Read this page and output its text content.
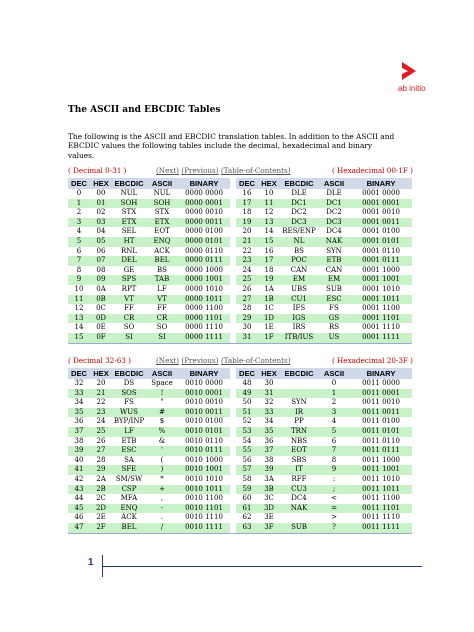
ab initio
The ASCII and EBCDIC Tables
The following is the ASCII and EBCDIC translation tables. In addition to the ASCII and EBCDIC values the following tables include the decimal, hexadecimal and binary values.
( Decimal 0-31 )	(Next) (Previous) (Table-of-Contents)	( Hexadecimal 00-1F )
DEC	HEX	EBCDIC	ASCII	BINARY		DEC	HEX	EBCDIC	ASCII	BINARY
0	00	NUL	NUL	0000 0000		16	10	DLE	DLE	0001 0000
1	01	SOH	SOH	0000 0001		17	11	DC1	DC1	0001 0001
2	02	STX	STX	0000 0010		18	12	DC2	DC2	0001 0010
3	03	ETX	ETX	0000 0011		19	13	DC3	DC3	0001 0011
4	04	SEL	EOT	0000 0100		20	14	RES/ENP	DC4	0001 0100
5	05	HT	ENQ	0000 0101		21	15	NL	NAK	0001 0101
6	06	RNL	ACK	0000 0110		22	16	BS	SYN	0001 0110
7	07	DEL	BEL	0000 0111		23	17	POC	ETB	0001 0111
8	08	GE	BS	0000 1000		24	18	CAN	CAN	0001 1000
9	09	SPS	TAB	0000 1001		25	19	EM	EM	0001 1001
10	0A	RPT	LF	0000 1010		26	1A	UBS	SUB	0001 1010
11	0B	VT	VT	0000 1011		27	1B	CU1	ESC	0001 1011
12	0C	FF	FF	0000 1100		28	1C	IFS	FS	0001 1100
13	0D	CR	CR	0000 1101		29	1D	IGS	GS	0001 1101
14	0E	SO	SO	0000 1110		30	1E	IRS	RS	0001 1110
15	0F	SI	SI	0000 1111		31	1F	ITB/IUS	US	0001 1111

( Decimal 32-63 )	(Next) (Previous) (Table-of-Contents)	( Hexadecimal 20-3F )
DEC	HEX	EBCDIC	ASCII	BINARY		DEC	HEX	EBCDIC	ASCII	BINARY
32	20	DS	Space	0010 0000		48	30		0	0011 0000
33	21	SOS	!	0010 0001		49	31		1	0011 0001
34	22	FS	"	0010 0010		50	32	SYN	2	0011 0010
35	23	WUS	#	0010 0011		51	33	IR	3	0011 0011
36	24	BYP/INP	$	0010 0100		52	34	PP	4	0011 0100
37	25	LF	%	0010 0101		53	35	TRN	5	0011 0101
38	26	ETB	&	0010 0110		54	36	NBS	6	0011 0110
39	27	ESC	'	0010 0111		55	37	EOT	7	0011 0111
40	28	SA	(	0010 1000		56	38	SBS	8	0011 1000
41	29	SFE	)	0010 1001		57	39	IT	9	0011 1001
42	2A	SM/SW	*	0010 1010		58	3A	RFF	:	0011 1010
43	2B	CSP	+	0010 1011		59	3B	CU3	;	0011 1011
44	2C	MFA	,	0010 1100		60	3C	DC4	<	0011 1100
45	2D	ENQ	-	0010 1101		61	3D	NAK	=	0011 1101
46	2E	ACK	.	0010 1110		62	3E		>	0011 1110
47	2F	BEL	/	0010 1111		63	3F	SUB	?	0011 1111

1
